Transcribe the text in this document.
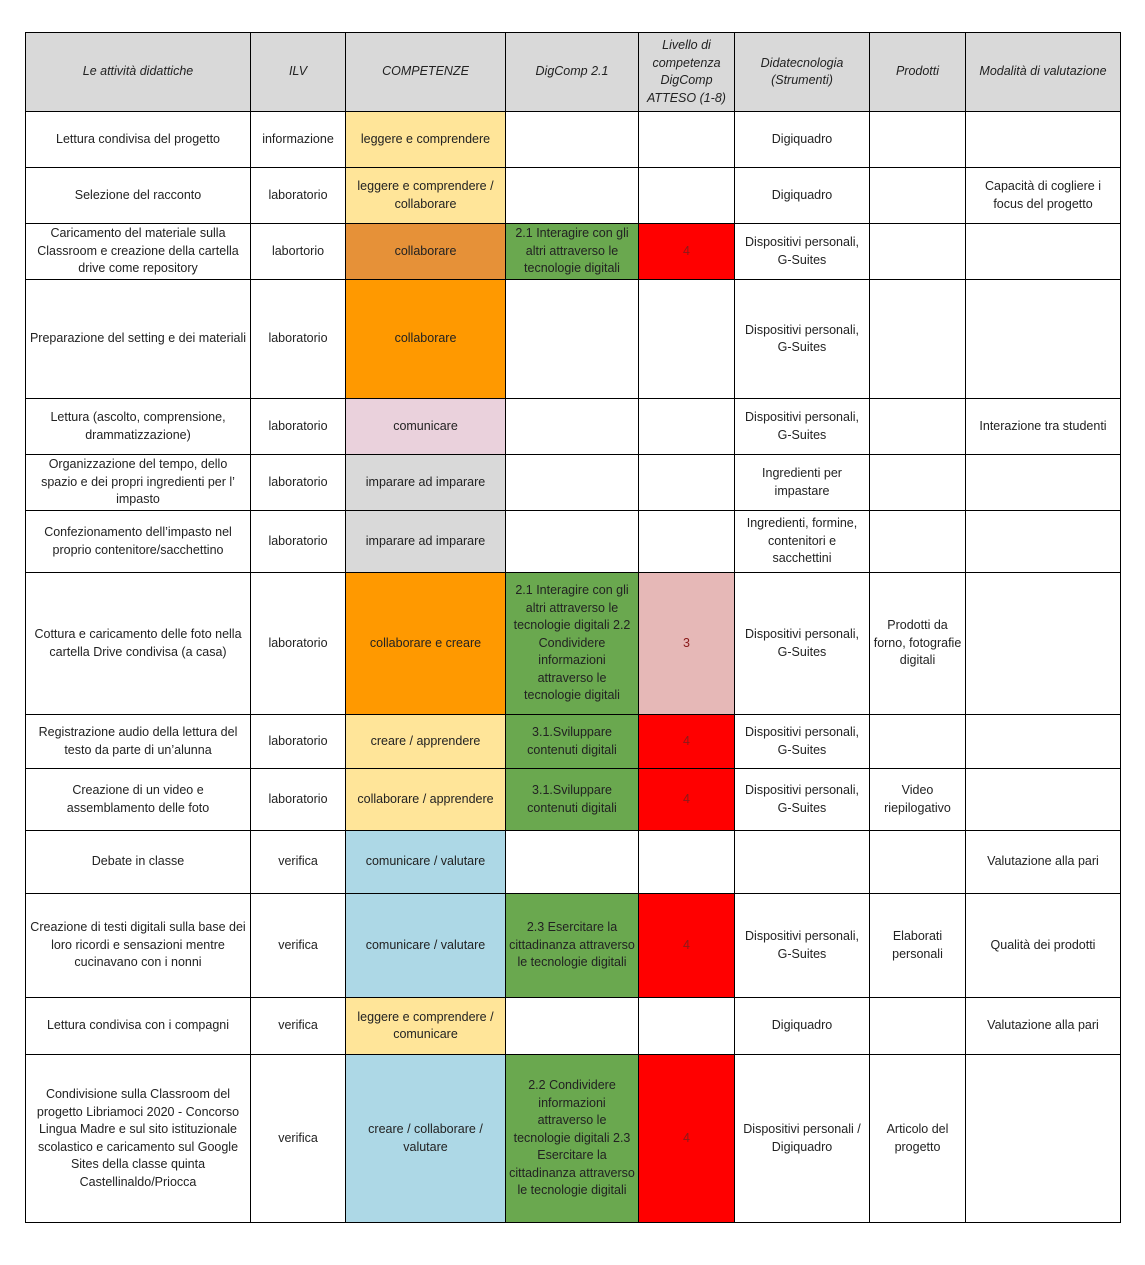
Le attività didattiche	ILV	COMPETENZE	DigComp 2.1	Livello di competenza DigComp ATTESO (1-8)	Didatecnologia (Strumenti)	Prodotti	Modalità di valutazione
Lettura condivisa del progetto	informazione	leggere e comprendere			Digiquadro		
Selezione del racconto	laboratorio	leggere e comprendere / collaborare			Digiquadro		Capacità di cogliere i focus del progetto
Caricamento del materiale sulla Classroom e creazione della cartella drive come repository	labortorio	collaborare	2.1 Interagire con gli altri attraverso le tecnologie digitali	4	Dispositivi personali, G-Suites		
Preparazione del setting e dei materiali	laboratorio	collaborare			Dispositivi personali, G-Suites		
Lettura (ascolto, comprensione, drammatizzazione)	laboratorio	comunicare			Dispositivi personali, G-Suites		Interazione tra studenti
Organizzazione del tempo, dello spazio e dei propri ingredienti per l’ impasto	laboratorio	imparare ad imparare			Ingredienti per impastare		
Confezionamento dell’impasto nel proprio contenitore/sacchettino	laboratorio	imparare ad imparare			Ingredienti, formine, contenitori e sacchettini		
Cottura e caricamento delle foto nella cartella Drive condivisa (a casa)	laboratorio	collaborare e creare	2.1 Interagire con gli altri attraverso le tecnologie digitali 2.2 Condividere informazioni attraverso le tecnologie digitali	3	Dispositivi personali, G-Suites	Prodotti da forno, fotografie digitali	
Registrazione audio della lettura del testo da parte di un’alunna	laboratorio	creare / apprendere	3.1.Sviluppare contenuti digitali	4	Dispositivi personali, G-Suites		
Creazione di un video e assemblamento delle foto	laboratorio	collaborare / apprendere	3.1.Sviluppare contenuti digitali	4	Dispositivi personali, G-Suites	Video riepilogativo	
Debate in classe	verifica	comunicare / valutare					Valutazione alla pari
Creazione di testi digitali sulla base dei loro ricordi e sensazioni mentre cucinavano con i nonni	verifica	comunicare / valutare	2.3 Esercitare la cittadinanza attraverso le tecnologie digitali	4	Dispositivi personali, G-Suites	Elaborati personali	Qualità dei prodotti
Lettura condivisa con i compagni	verifica	leggere e comprendere / comunicare			Digiquadro		Valutazione alla pari
Condivisione sulla Classroom del progetto Libriamoci 2020 - Concorso Lingua Madre e sul sito istituzionale scolastico e caricamento sul Google Sites della classe quinta Castellinaldo/Priocca	verifica	creare / collaborare / valutare	2.2 Condividere informazioni attraverso le tecnologie digitali 2.3 Esercitare la cittadinanza attraverso le tecnologie digitali	4	Dispositivi personali / Digiquadro	Articolo del progetto	
